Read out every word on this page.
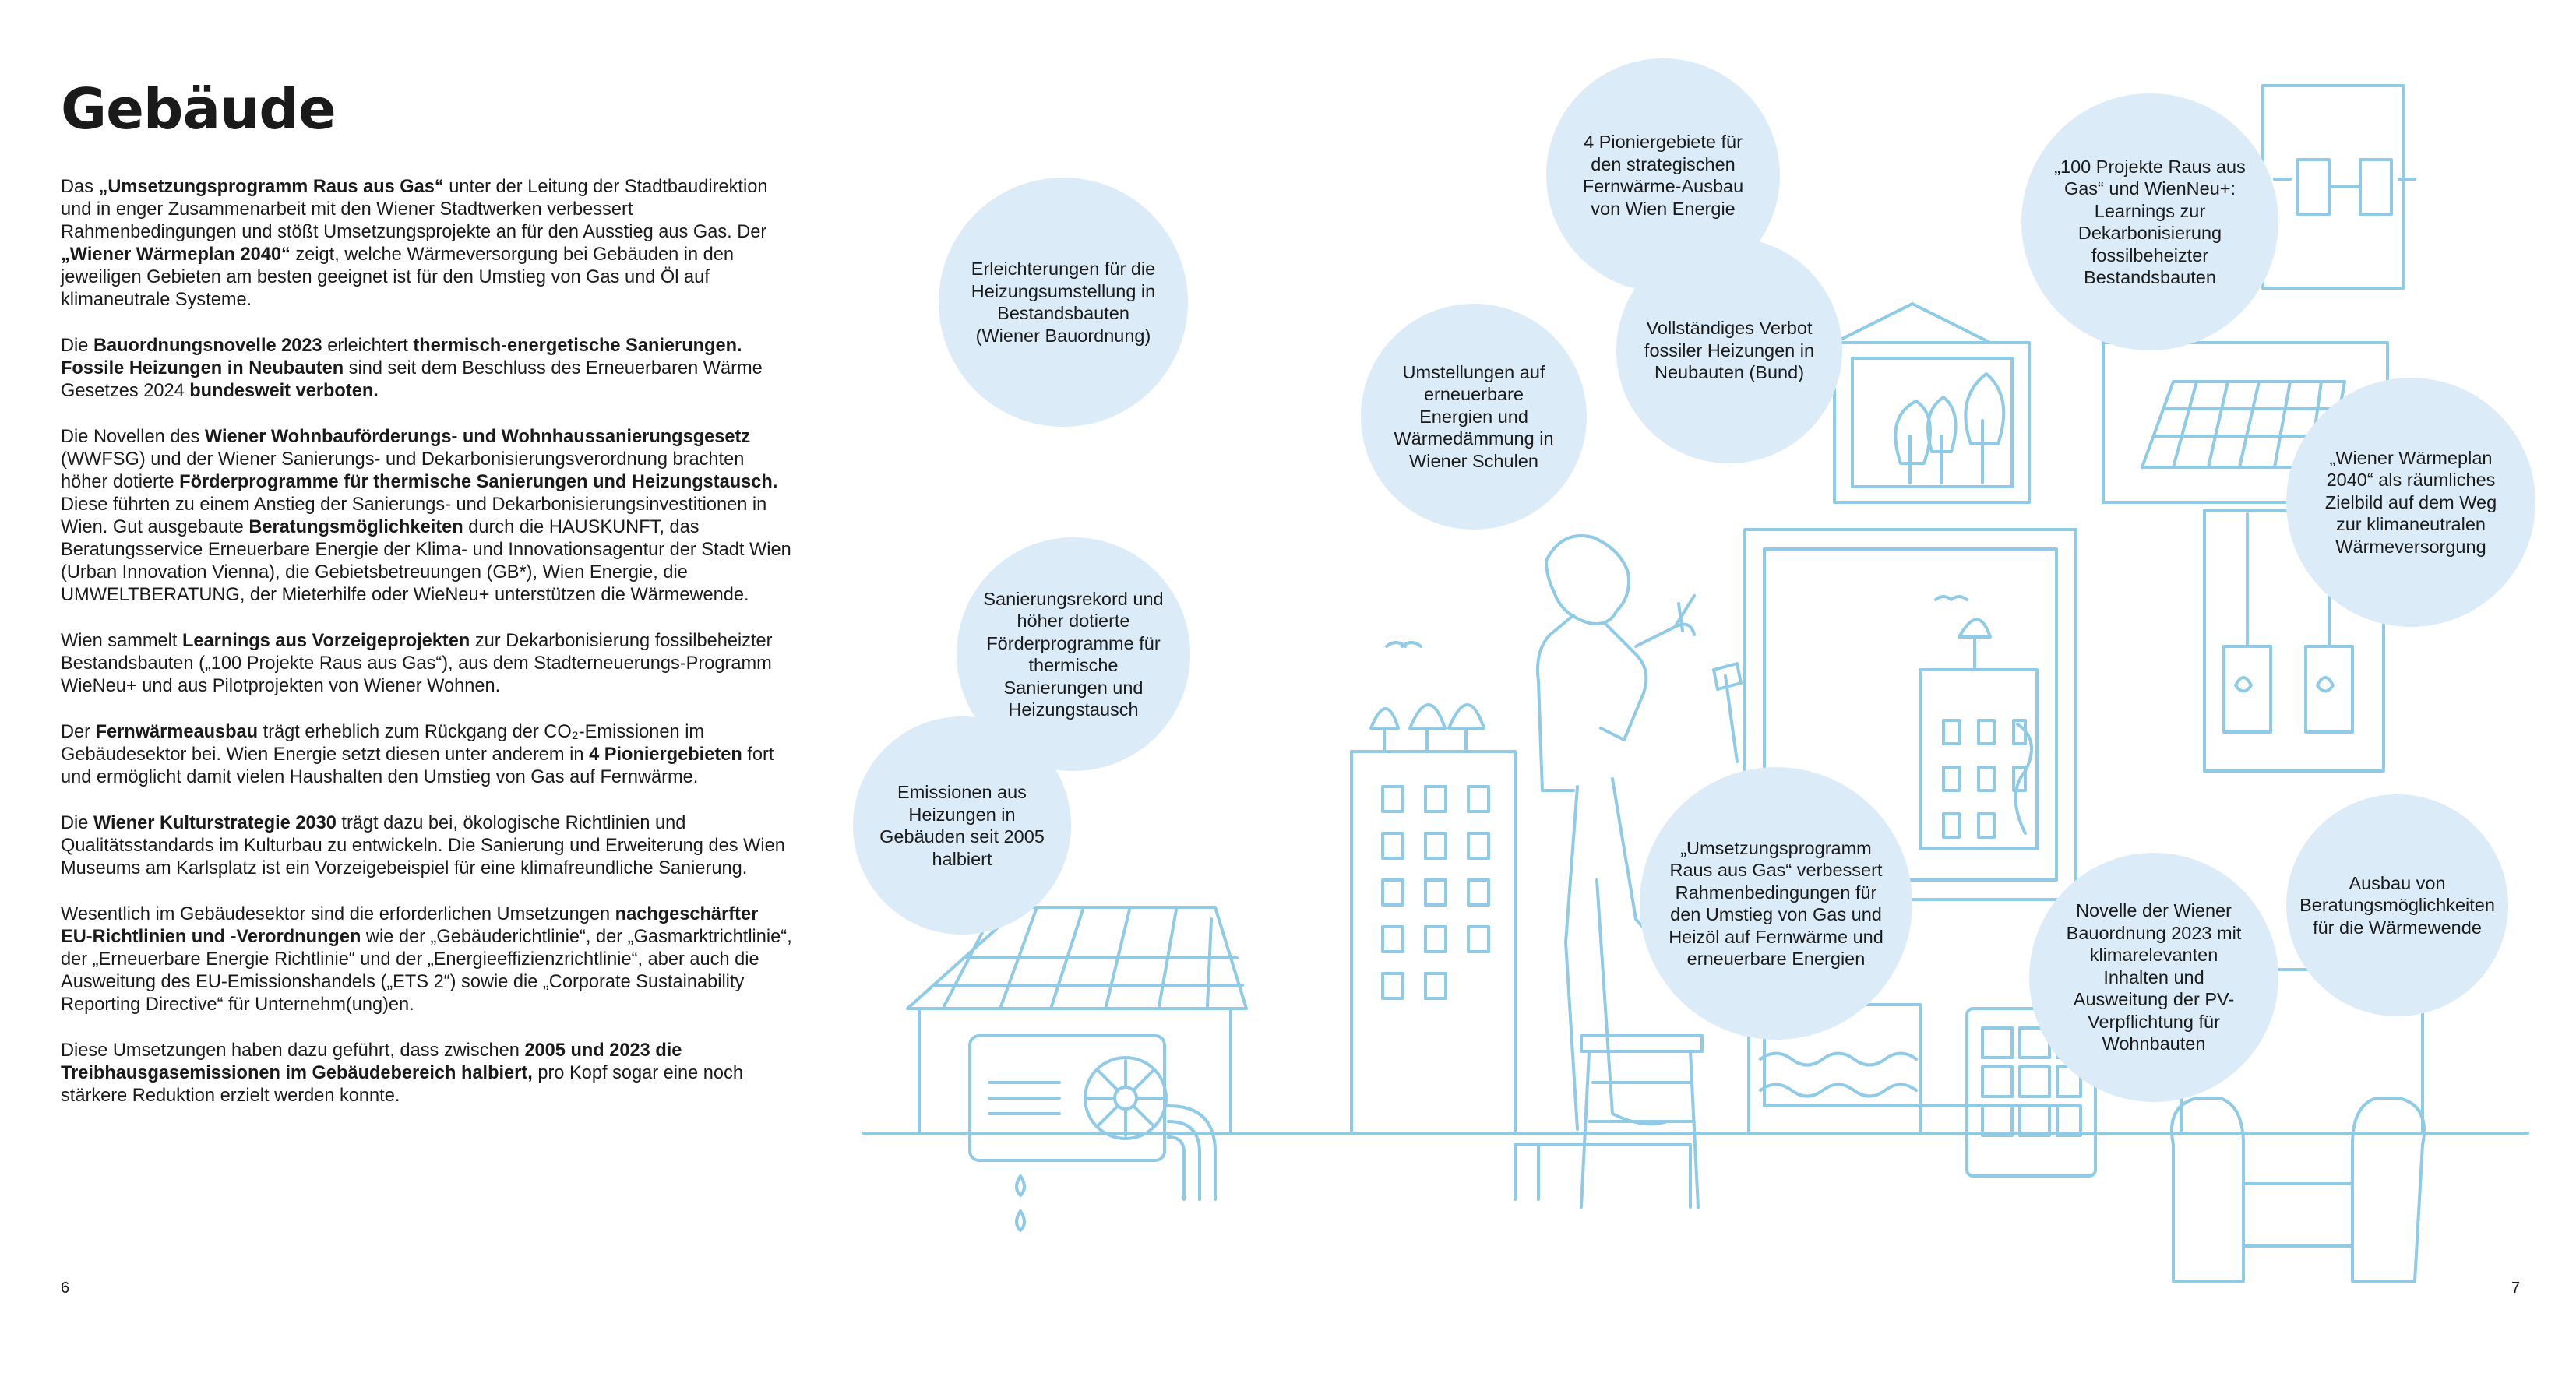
Gebäude

Das „Umsetzungsprogramm Raus aus Gas“ unter der Leitung der Stadtbaudirektion und in enger Zusammenarbeit mit den Wiener Stadtwerken verbessert Rahmenbedingungen und stößt Umsetzungsprojekte an für den Ausstieg aus Gas. Der „Wiener Wärmeplan 2040“ zeigt, welche Wärmeversorgung bei Gebäuden in den jeweiligen Gebieten am besten geeignet ist für den Umstieg von Gas und Öl auf klimaneutrale Systeme.

Die Bauordnungsnovelle 2023 erleichtert thermisch-energetische Sanierungen. Fossile Heizungen in Neubauten sind seit dem Beschluss des Erneuerbaren Wärme Gesetzes 2024 bundesweit verboten.

Die Novellen des Wiener Wohnbauförderungs- und Wohnhaussanierungsgesetz (WWFSG) und der Wiener Sanierungs- und Dekarbonisierungsverordnung brachten höher dotierte Förderprogramme für thermische Sanierungen und Heizungstausch. Diese führten zu einem Anstieg der Sanierungs- und Dekarbonisierungsinvestitionen in Wien. Gut ausgebaute Beratungsmöglichkeiten durch die HAUSKUNFT, das Beratungsservice Erneuerbare Energie der Klima- und Innovationsagentur der Stadt Wien (Urban Innovation Vienna), die Gebietsbetreuungen (GB*), Wien Energie, die UMWELTBERATUNG, der Mieterhilfe oder WieNeu+ unterstützen die Wärmewende.

Wien sammelt Learnings aus Vorzeigeprojekten zur Dekarbonisierung fossilbeheizter Bestandsbauten („100 Projekte Raus aus Gas“), aus dem Stadterneuerungs-Programm WieNeu+ und aus Pilotprojekten von Wiener Wohnen.

Der Fernwärmeausbau trägt erheblich zum Rückgang der CO₂-Emissionen im Gebäudesektor bei. Wien Energie setzt diesen unter anderem in 4 Pioniergebieten fort und ermöglicht damit vielen Haushalten den Umstieg von Gas auf Fernwärme.

Die Wiener Kulturstrategie 2030 trägt dazu bei, ökologische Richtlinien und Qualitätsstandards im Kulturbau zu entwickeln. Die Sanierung und Erweiterung des Wien Museums am Karlsplatz ist ein Vorzeigebeispiel für eine klimafreundliche Sanierung.

Wesentlich im Gebäudesektor sind die erforderlichen Umsetzungen nachgeschärfter EU-Richtlinien und -Verordnungen wie der „Gebäuderichtlinie“, der „Gasmarktrichtlinie“, der „Erneuerbare Energie Richtlinie“ und der „Energieeffizienzrichtlinie“, aber auch die Ausweitung des EU-Emissionshandels („ETS 2“) sowie die „Corporate Sustainability Reporting Directive“ für Unternehm(ung)en.

Diese Umsetzungen haben dazu geführt, dass zwischen 2005 und 2023 die Treibhausgasemissionen im Gebäudebereich halbiert, pro Kopf sogar eine noch stärkere Reduktion erzielt werden konnte.

Erleichterungen für die Heizungsumstellung in Bestandsbauten (Wiener Bauordnung)
4 Pioniergebiete für den strategischen Fernwärme-Ausbau von Wien Energie
Vollständiges Verbot fossiler Heizungen in Neubauten (Bund)
Umstellungen auf erneuerbare Energien und Wärmedämmung in Wiener Schulen
„100 Projekte Raus aus Gas“ und WienNeu+: Learnings zur Dekarbonisierung fossilbeheizter Bestandsbauten
„Wiener Wärmeplan 2040“ als räumliches Zielbild auf dem Weg zur klimaneutralen Wärmeversorgung
Sanierungsrekord und höher dotierte Förderprogramme für thermische Sanierungen und Heizungstausch
Emissionen aus Heizungen in Gebäuden seit 2005 halbiert
„Umsetzungsprogramm Raus aus Gas“ verbessert Rahmenbedingungen für den Umstieg von Gas und Heizöl auf Fernwärme und erneuerbare Energien
Novelle der Wiener Bauordnung 2023 mit klimarelevanten Inhalten und Ausweitung der PV-Verpflichtung für Wohnbauten
Ausbau von Beratungsmöglichkeiten für die Wärmewende
6	7
